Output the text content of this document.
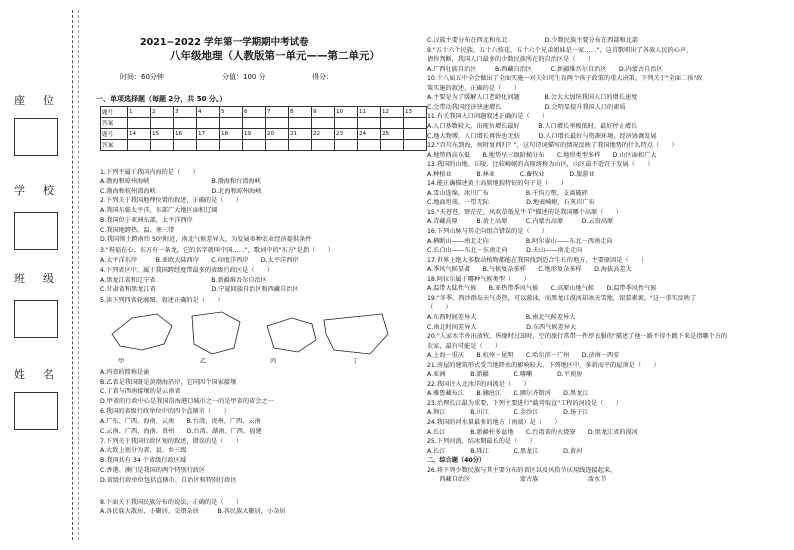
座位
学校
班级
姓名
2021−2022 学年第一学期期中考试卷
八年级地理（人教版第一单元——第二单元）
时间：60分钟	分值：100 分	得分：
一、单项选择题（每题 2分，共 50 分。）
题号	1	2	3	4	5	6	7	8	9	10	11	12	13
答案													
题号	14	15	16	17	18	19	20	21	22	23	24	25	
答案													
1.下列不属于我国内海的是（　　）
A.渤海和琼州海峡　　　　　　　　　　B.渤海和台湾海峡
C.渤海和杭州湾海峡　　　　　　　　　D.北海和琼州海峡
2.下列关于我国地理位置的叙述，正确的是（　　）
A.我国东临太平洋，东部广大地区面积辽阔
B.我国位于亚洲东部，太平洋西岸
C.我国地跨热、温、寒三带
D.我国领土跨南纬 50°附近，南北气候差异大，为发展多种农业经济提供条件
3."祝福在心，东方有一条龙，它的名字就叫中国……"，歌词中的"东方"是指（　　）
A.太平洋东岸　　　B.亚欧大陆西岸　　C.印度洋西岸　　D.太平洋西岸
4.下列省区中，属于我国跨经度带最多的省级行政区是（　　）
A.黑龙江省和辽宁省　　　　　　　　　B.新疆维吾尔自治区
C.甘肃省和黑龙江省　　　　　　　　　D.宁夏回族自治区和西藏自治区
5.读下列四省轮廓图，叙述正确的是（　　）
A.丙省的简称是渝
B.乙省是我国既是黄渤海沿岸，它同四个国家接壤
C.丁省与西南接壤的是云南省
D.甲省的行政中心是我国沿海港口城市之一的是甲省的省会之一
6.我国的省级行政单位中的四个直辖市（　　）
A.广东、广西、海南、云南　　B.台湾、贵州、广西、云南
C.云南、广西、海南、贵州　　D.台湾、湖南、广西、福建
7.下列关于我国行政区划的叙述，错误的是（　　）
A.大致上划分为省、县、乡三级
B.我国共有 34 个省级行政区域
C.香港、澳门是我国的两个特别行政区
D.省级行政单位包括直辖市、自治区和特别行政区
8.下面关于我国民族分布的说法，正确的是（　　）
A.各民族大散居，小聚居，交错杂居　　　B.各民族大聚居，小杂居
甲	乙	丙	丁
C.汉族主要分布在西北和东北　　　　　　D.少数民族主要分布在西部和北部
9."五十六个民族，五十六枝花，五十六个兄弟姐妹是一家……"，这首歌唱出了各族人民的心声。
请你判断，我国人口最多的少数民族所在的自治区是（　　）
A.广西壮族自治区　　　B.西藏自治区　　　C.新疆维吾尔自治区　　D.内蒙古自治区
10.十八届五中全会做出了全面实施一对夫妇可生育两个孩子政策的重大决策，下列关于"全面二孩"政
策实施的叙述，正确的是（　　）
A.主要是为了缓解人口老龄化问题　　　　B.会大大加快我国人口的增长速度
C.会带动我国经济快速增长　　　　　　　D.会明显提升我国人口的素质
11.有关我国人口问题叙述正确的是（　　）
A.人口基数较大，出现负增长最好　　　B.人口增长率极低时，最好停止增长
C.地大物博，人口增长再快也无妨　　　D.人口增长最好与资源环境、经济协调发展
12."百川东到海，何时复西归？"，这句诗词描写的情况反映了我国地势的什么特点（　　）
A.地势西高东低　　B.地势呈三级阶梯分布　　C.地形类型多样　　D.山区面积广大
13.我国的山地、丘陵、比较崎岖的高原统称为山区，山区最不适宜于发展（　　）
A.种植业　　　　B.林业　　　　C.畜牧业　　　　D.旅游业
14.能正确描述黄土高原地貌特征的句子是（　　）
A.雪山连绵，冰川广布　　　　　　B.千沟万壑，支离破碎
C.地面坦荡，一望无际　　　　　　D.地表崎岖，石灰岩广布
15."天苍苍，野茫茫，风吹草低见牛羊"描述的是我国哪个高原（　　）
A.青藏高原　　　B.黄土高原　　　C.内蒙古高原　　　D.云贵高原
16.下列山脉与其走向组合错误的是（　　）
A.横断山——南北走向　　　　　　B.阿尔泰山——东北－西南走向
C.长白山——东北－东南走向　　　D.天山——南北走向
17.世界上绝大多数动植物都能在我国找到适合生长的地方，主要原因是（　　）
A.季风气候显著　　B.气候复杂多样　　C.地形复杂多样　　D.海拔高差大
18.阿拉尔属于哪种气候类型（　　）
A.温带大陆性气候　　B.亚热带季风气候　　C.高原山地气候　　D.温带季风性气候
19."冬季，西沙群岛天气炎热，可以游泳，而黑龙江漠河却冰天雪地，银装素裹。"这一事实反映了
（　　）
A.东西时间差异大　　　　　　　　B.南北气候差异大
C.南北时间差异大　　　　　　　　D.东西气候差异大
20."人家水半外出放牧，皆缘时过却时，空的旅行常带一件厚衣服的"描述了他一路不得不跳下来是指哪个方的
农家，最有可能是（　　）
A.上海－重庆　　B.杭州－昆明　　C.哈尔滨－广州　　D.济南－西安
21.房屋的建筑形式受当地降水的影响较大。下列地区中，多斜而平的屋顶是（　　）
A.亚洲　　　　B.新疆　　　　C.喀喇　　　　D.平顶房
22.我国注入北冰洋的河流是（　　）
A.雅鲁藏布江　　B.澜沧江　　C.额尔齐斯河　　D.黑龙江
23.治理长江最为重要，下列主要进行"截弯取直"工程的河段是（　　）
A.荆江　　　　B.川江　　　　C.金沙江　　　　D.扬子江
24.我国的河水量最多的地方（南端）是（　　）
A.长江　　　　B.新疆柱多盆地　　C.台湾省的火烧寮　　D.黑龙江省的漠河
25.下列河流，结冰期最长的是（　　）
A.长江　　　　B.珠江　　　　C.黑龙江　　　　D.黄河
二、综合题（40分）
26.将下列少数民族与其主要分布的省区以及风俗节庆用线连接起来。
　　西藏自治区　　　　　　　　蒙古族　　　　　　　　泼水节
